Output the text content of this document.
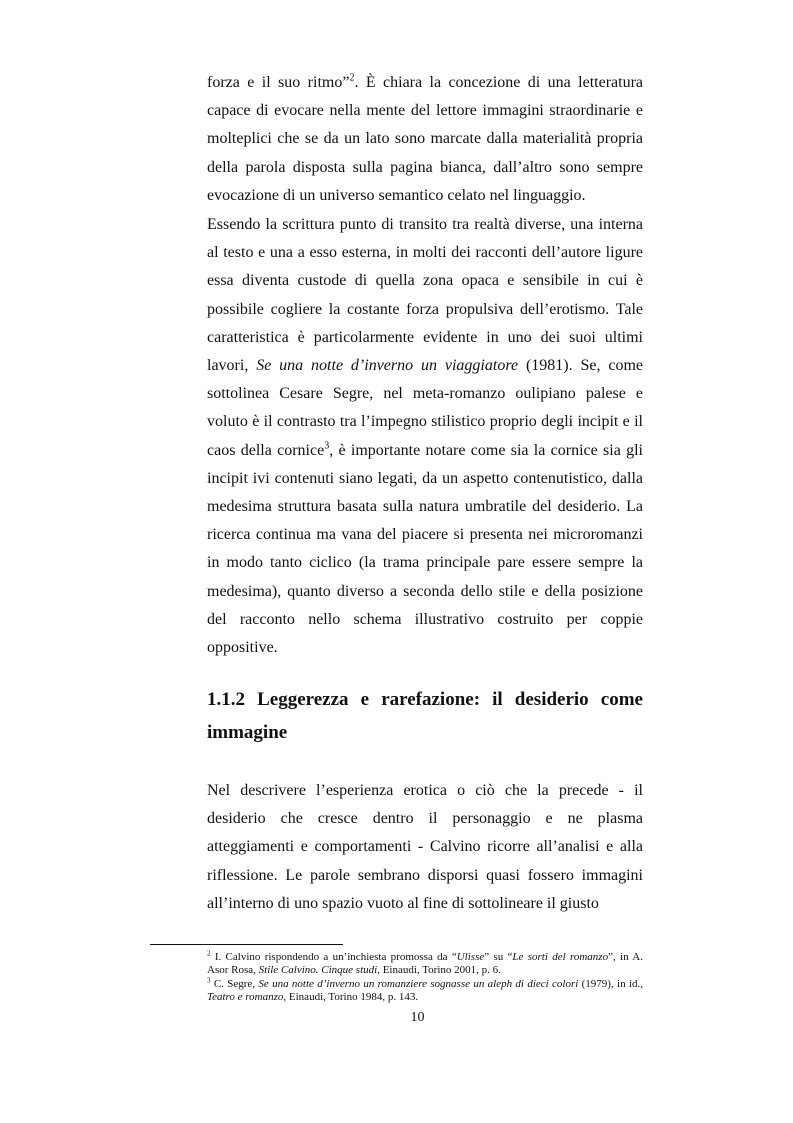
forza e il suo ritmo”$^2$. È chiara la concezione di una letteratura capace di evocare nella mente del lettore immagini straordinarie e molteplici che se da un lato sono marcate dalla materialità propria della parola disposta sulla pagina bianca, dall’altro sono sempre evocazione di un universo semantico celato nel linguaggio.

Essendo la scrittura punto di transito tra realtà diverse, una interna al testo e una a esso esterna, in molti dei racconti dell’autore ligure essa diventa custode di quella zona opaca e sensibile in cui è possibile cogliere la costante forza propulsiva dell’erotismo. Tale caratteristica è particolarmente evidente in uno dei suoi ultimi lavori, Se una notte d’inverno un viaggiatore (1981). Se, come sottolinea Cesare Segre, nel meta-romanzo oulipiano palese e voluto è il contrasto tra l’impegno stilistico proprio degli incipit e il caos della cornice$^3$, è importante notare come sia la cornice sia gli incipit ivi contenuti siano legati, da un aspetto contenutistico, dalla medesima struttura basata sulla natura umbratile del desiderio. La ricerca continua ma vana del piacere si presenta nei microromanzi in modo tanto ciclico (la trama principale pare essere sempre la medesima), quanto diverso a seconda dello stile e della posizione del racconto nello schema illustrativo costruito per coppie oppositive.

1.1.2 Leggerezza e rarefazione: il desiderio come immagine

Nel descrivere l’esperienza erotica o ciò che la precede - il desiderio che cresce dentro il personaggio e ne plasma atteggiamenti e comportamenti - Calvino ricorre all’analisi e alla riflessione. Le parole sembrano disporsi quasi fossero immagini all’interno di uno spazio vuoto al fine di sottolineare il giusto

$^2$ I. Calvino rispondendo a un’inchiesta promossa da “Ulisse” su “Le sorti del romanzo”, in A. Asor Rosa, Stile Calvino. Cinque studi, Einaudi, Torino 2001, p. 6.

$^3$ C. Segre, Se una notte d’inverno un romanziere sognasse un aleph di dieci colori (1979), in id., Teatro e romanzo, Einaudi, Torino 1984, p. 143.

10
